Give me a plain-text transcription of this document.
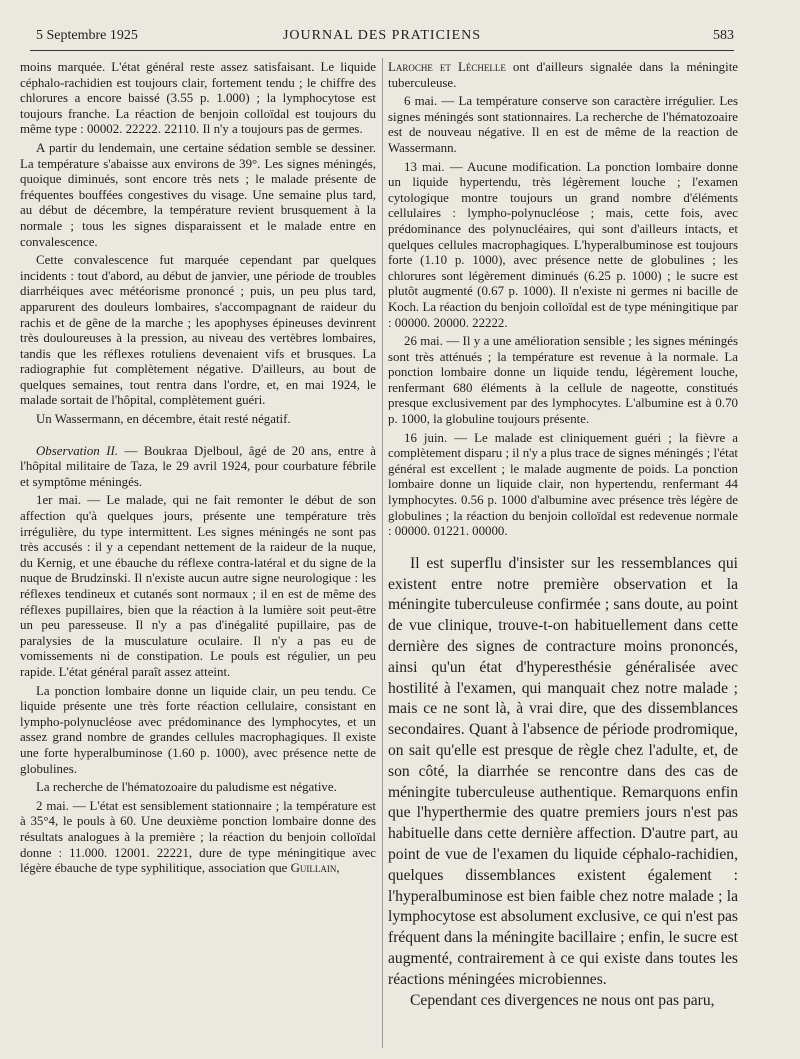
5 Septembre 1925	JOURNAL DES PRATICIENS	583

moins marquée. L'état général reste assez satisfaisant. Le liquide céphalo-rachidien est toujours clair, fortement tendu ; le chiffre des chlorures a encore baissé (3.55 p. 1.000) ; la lymphocytose est toujours franche. La réaction de benjoin colloïdal est toujours du même type : 00002. 22222. 22110. Il n'y a toujours pas de germes.

A partir du lendemain, une certaine sédation semble se dessiner. La température s'abaisse aux environs de 39°. Les signes méningés, quoique diminués, sont encore très nets ; le malade présente de fréquentes bouffées congestives du visage. Une semaine plus tard, au début de décembre, la température revient brusquement à la normale ; tous les signes disparaissent et le malade entre en convalescence.

Cette convalescence fut marquée cependant par quelques incidents : tout d'abord, au début de janvier, une période de troubles diarrhéiques avec météorisme prononcé ; puis, un peu plus tard, apparurent des douleurs lombaires, s'accompagnant de raideur du rachis et de gêne de la marche ; les apophyses épineuses devinrent très douloureuses à la pression, au niveau des vertèbres lombaires, tandis que les réflexes rotuliens devenaient vifs et brusques. La radiographie fut complètement négative. D'ailleurs, au bout de quelques semaines, tout rentra dans l'ordre, et, en mai 1924, le malade sortait de l'hôpital, complètement guéri.

Un Wassermann, en décembre, était resté négatif.

Observation II. — Boukraa Djelboul, âgé de 20 ans, entre à l'hôpital militaire de Taza, le 29 avril 1924, pour courbature fébrile et symptôme méningés.

1er mai. — Le malade, qui ne fait remonter le début de son affection qu'à quelques jours, présente une température très irrégulière, du type intermittent. Les signes méningés ne sont pas très accusés : il y a cependant nettement de la raideur de la nuque, du Kernig, et une ébauche du réflexe contra-latéral et du signe de la nuque de Brudzinski. Il n'existe aucun autre signe neurologique : les réflexes tendineux et cutanés sont normaux ; il en est de même des réflexes pupillaires, bien que la réaction à la lumière soit peut-être un peu paresseuse. Il n'y a pas d'inégalité pupillaire, pas de paralysies de la musculature oculaire. Il n'y a pas eu de vomissements ni de constipation. Le pouls est régulier, un peu rapide. L'état général paraît assez atteint.

La ponction lombaire donne un liquide clair, un peu tendu. Ce liquide présente une très forte réaction cellulaire, consistant en lympho-polynucléose avec prédominance des lymphocytes, et un assez grand nombre de grandes cellules macrophagiques. Il existe une forte hyperalbuminose (1.60 p. 1000), avec présence nette de globulines.

La recherche de l'hématozoaire du paludisme est négative.

2 mai. — L'état est sensiblement stationnaire ; la température est à 35°4, le pouls à 60. Une deuxième ponction lombaire donne des résultats analogues à la première ; la réaction du benjoin colloïdal donne : 11.000. 12001. 22221, dure de type méningitique avec légère ébauche de type syphilitique, association que Guillain,

Laroche et Léchelle ont d'ailleurs signalée dans la méningite tuberculeuse.

6 mai. — La température conserve son caractère irrégulier. Les signes méningés sont stationnaires. La recherche de l'hématozoaire est de nouveau négative. Il en est de même de la reaction de Wassermann.

13 mai. — Aucune modification. La ponction lombaire donne un liquide hypertendu, très légèrement louche ; l'examen cytologique montre toujours un grand nombre d'éléments cellulaires : lympho-polynucléose ; mais, cette fois, avec prédominance des polynucléaires, qui sont d'ailleurs intacts, et quelques cellules macrophagiques. L'hyperalbuminose est toujours forte (1.10 p. 1000), avec présence nette de globulines ; les chlorures sont légèrement diminués (6.25 p. 1000) ; le sucre est plutôt augmenté (0.67 p. 1000). Il n'existe ni germes ni bacille de Koch. La réaction du benjoin colloïdal est de type méningitique par : 00000. 20000. 22222.

26 mai. — Il y a une amélioration sensible ; les signes méningés sont très atténués ; la température est revenue à la normale. La ponction lombaire donne un liquide tendu, légèrement louche, renfermant 680 éléments à la cellule de nageotte, constitués presque exclusivement par des lymphocytes. L'albumine est à 0.70 p. 1000, la globuline toujours présente.

16 juin. — Le malade est cliniquement guéri ; la fièvre a complètement disparu ; il n'y a plus trace de signes méningés ; l'état général est excellent ; le malade augmente de poids. La ponction lombaire donne un liquide clair, non hypertendu, renfermant 44 lymphocytes. 0.56 p. 1000 d'albumine avec présence très légère de globulines ; la réaction du benjoin colloïdal est redevenue normale : 00000. 01221. 00000.

Il est superflu d'insister sur les ressemblances qui existent entre notre première observation et la méningite tuberculeuse confirmée ; sans doute, au point de vue clinique, trouve-t-on habituellement dans cette dernière des signes de contracture moins prononcés, ainsi qu'un état d'hyperesthésie généralisée avec hostilité à l'examen, qui manquait chez notre malade ; mais ce ne sont là, à vrai dire, que des dissemblances secondaires. Quant à l'absence de période prodromique, on sait qu'elle est presque de règle chez l'adulte, et, de son côté, la diarrhée se rencontre dans des cas de méningite tuberculeuse authentique. Remarquons enfin que l'hyperthermie des quatre premiers jours n'est pas habituelle dans cette dernière affection. D'autre part, au point de vue de l'examen du liquide céphalo-rachidien, quelques dissemblances existent également : l'hyperalbuminose est bien faible chez notre malade ; la lymphocytose est absolument exclusive, ce qui n'est pas fréquent dans la méningite bacillaire ; enfin, le sucre est augmenté, contrairement à ce qui existe dans toutes les réactions méningées microbiennes.

Cependant ces divergences ne nous ont pas paru,
